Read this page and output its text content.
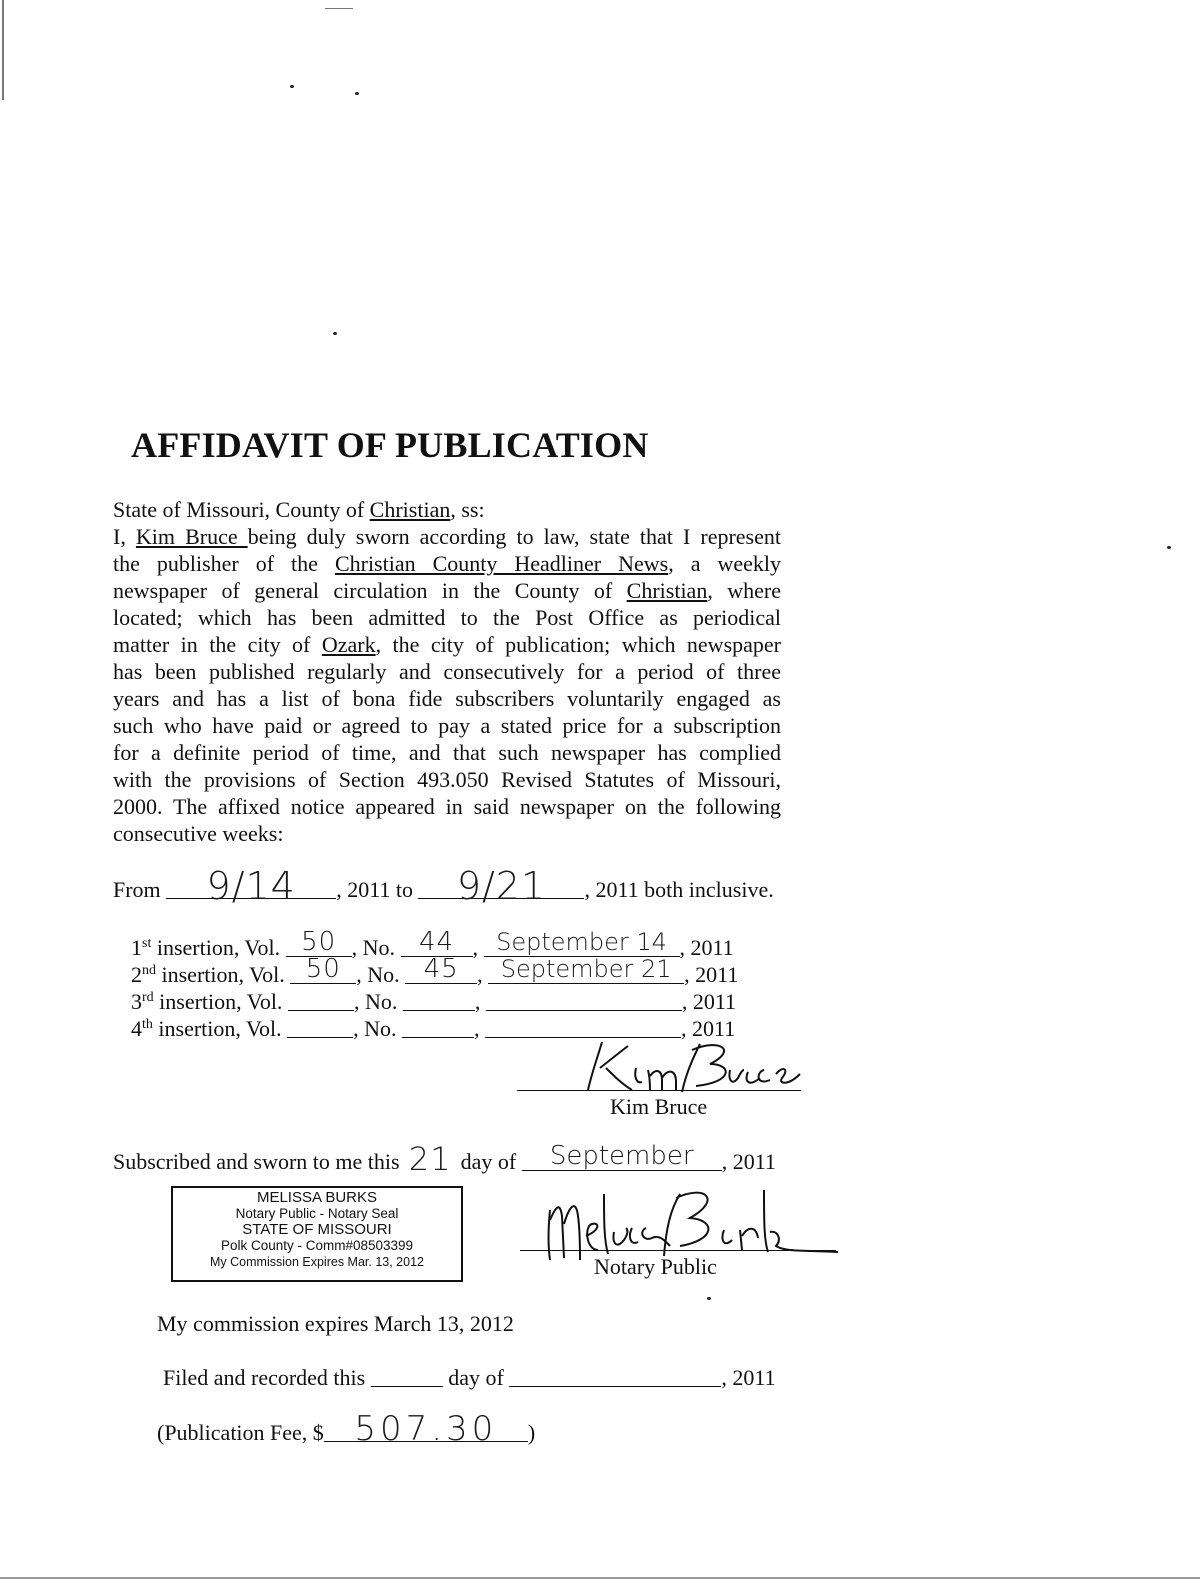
AFFIDAVIT OF PUBLICATION
State of Missouri, County of Christian, ss:
I, Kim Bruce being duly sworn according to law, state that I represent
the publisher of the Christian County Headliner News, a weekly
newspaper of general circulation in the County of Christian, where
located; which has been admitted to the Post Office as periodical
matter in the city of Ozark, the city of publication; which newspaper
has been published regularly and consecutively for a period of three
years and has a list of bona fide subscribers voluntarily engaged as
such who have paid or agreed to pay a stated price for a subscription
for a definite period of time, and that such newspaper has complied
with the provisions of Section 493.050 Revised Statutes of Missouri,
2000. The affixed notice appeared in said newspaper on the following
consecutive weeks:
From	9/14	, 2011 to	9/21	, 2011 both inclusive.
1st insertion, Vol. 50 , No. 44 , September 14 , 2011
2nd insertion, Vol. 50 , No. 45 , September 21 , 2011
3rd insertion, Vol.	, No.	,	, 2011
4th insertion, Vol.	, No.	,	, 2011
Kim Bruce
Subscribed and sworn to me this 21 day of	September	, 2011
MELISSA BURKS
Notary Public - Notary Seal
STATE OF MISSOURI
Polk County - Comm#08503399
My Commission Expires Mar. 13, 2012	Notary Public
My commission expires March 13, 2012
Filed and recorded this	day of	, 2011
(Publication Fee, $ 507.30	)
